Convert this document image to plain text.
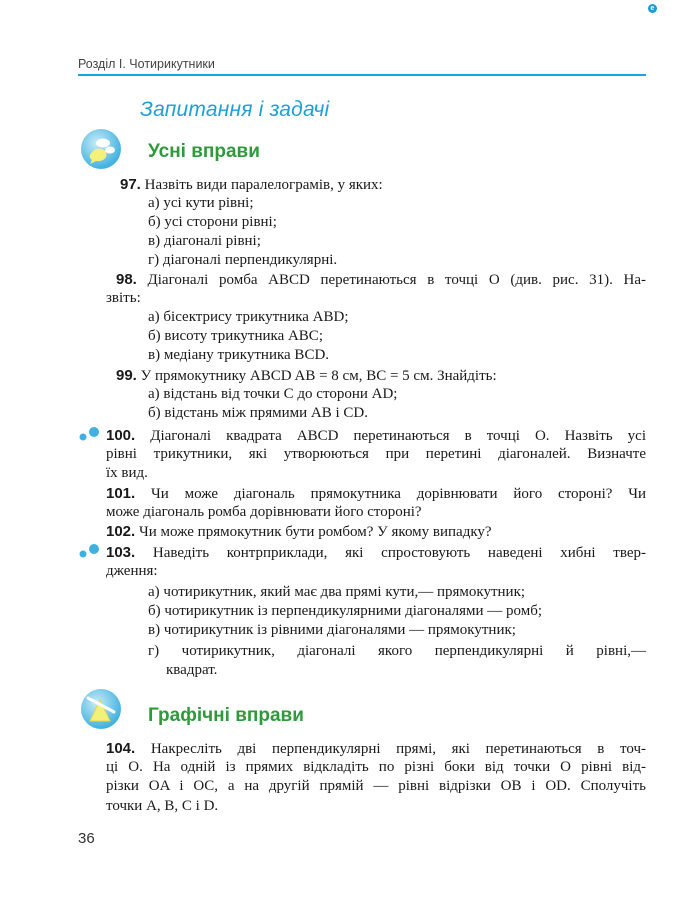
e
Розділ І. Чотирикутники
Запитання і задачі
Усні вправи
97. Назвіть види паралелограмів, у яких:
а) усі кути рівні;
б) усі сторони рівні;
в) діагоналі рівні;
г) діагоналі перпендикулярні.
98. Діагоналі ромба ABCD перетинаються в точці O (див. рис. 31). На-
звіть:
а) бісектрису трикутника ABD;
б) висоту трикутника ABC;
в) медіану трикутника BCD.
99. У прямокутнику ABCD AB = 8 см, BC = 5 см. Знайдіть:
а) відстань від точки C до сторони AD;
б) відстань між прямими AB і CD.
100. Діагоналі квадрата ABCD перетинаються в точці O. Назвіть усі
рівні трикутники, які утворюються при перетині діагоналей. Визначте
їх вид.
101. Чи може діагональ прямокутника дорівнювати його стороні? Чи
може діагональ ромба дорівнювати його стороні?
102. Чи може прямокутник бути ромбом? У якому випадку?
103. Наведіть контрприклади, які спростовують наведені хибні твер-
дження:
а) чотирикутник, який має два прямі кути,— прямокутник;
б) чотирикутник із перпендикулярними діагоналями — ромб;
в) чотирикутник із рівними діагоналями — прямокутник;
г) чотирикутник, діагоналі якого перпендикулярні й рівні,—
квадрат.
Графічні вправи
104. Накресліть дві перпендикулярні прямі, які перетинаються в точ-
ці O. На одній із прямих відкладіть по різні боки від точки O рівні від-
різки OA і OC, а на другій прямій — рівні відрізки OB і OD. Сполучіть
точки A, B, C і D.
36
